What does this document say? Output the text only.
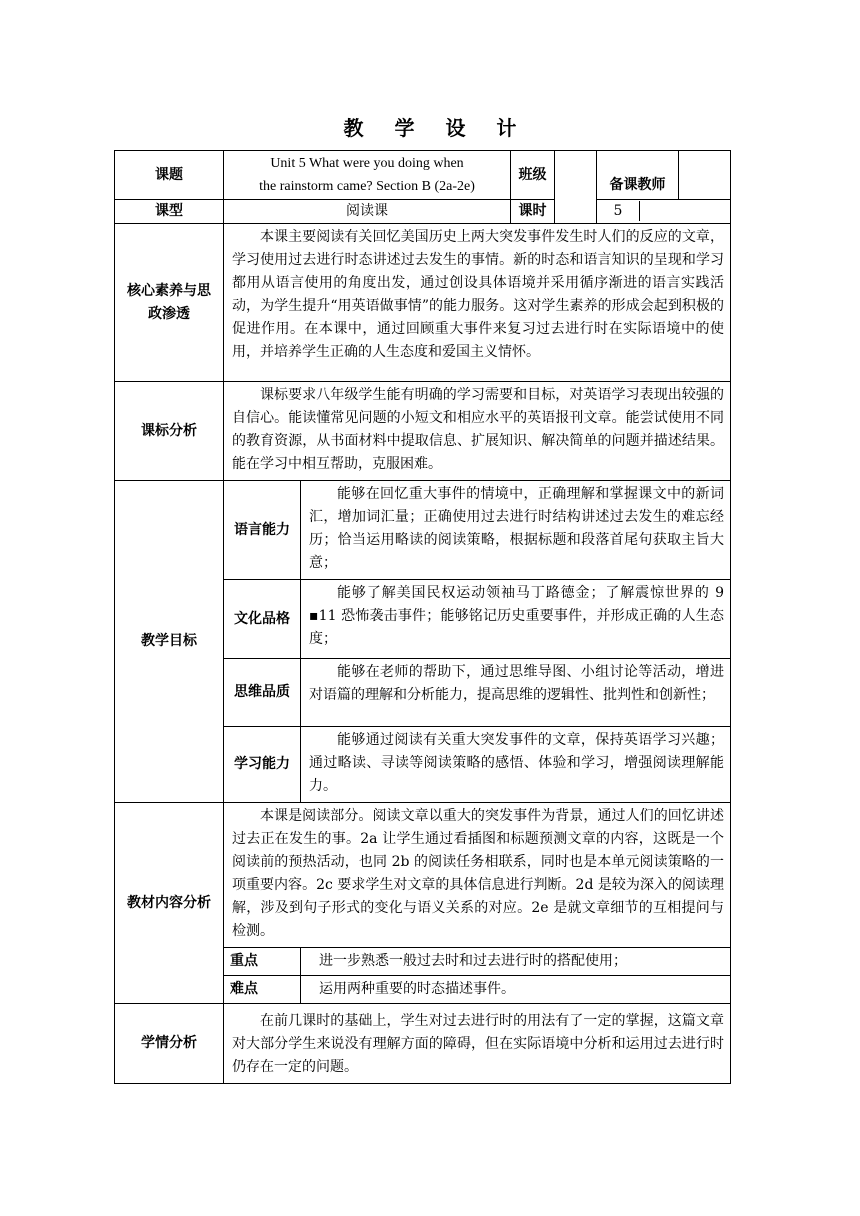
教 学 设 计
课题	Unit 5 What were you doing when
the rainstorm came? Section B (2a-2e)		班级		备课教师	
课型	阅读课		课时		5	

核心素养与思
政渗透	本课主要阅读有关回忆美国历史上两大突发事件发生时人们的反应的文章，学习使用过去进行时态讲述过去发生的事情。新的时态和语言知识的呈现和学习都用从语言使用的角度出发，通过创设具体语境并采用循序渐进的语言实践活动，为学生提升“用英语做事情”的能力服务。这对学生素养的形成会起到积极的促进作用。在本课中，通过回顾重大事件来复习过去进行时在实际语境中的使用，并培养学生正确的人生态度和爱国主义情怀。					
课标分析	课标要求八年级学生能有明确的学习需要和目标，对英语学习表现出较强的自信心。能读懂常见问题的小短文和相应水平的英语报刊文章。能尝试使用不同的教育资源，从书面材料中提取信息、扩展知识、解决简单的问题并描述结果。能在学习中相互帮助，克服困难。					
教学目标	语言能力	能够在回忆重大事件的情境中，正确理解和掌握课文中的新词汇，增加词汇量；正确使用过去进行时结构讲述过去发生的难忘经历；恰当运用略读的阅读策略，根据标题和段落首尾句获取主旨大意；				
	文化品格	能够了解美国民权运动领袖马丁路德金；了解震惊世界的 9 ▪11 恐怖袭击事件；能够铭记历史重要事件，并形成正确的人生态度；				
	思维品质	能够在老师的帮助下，通过思维导图、小组讨论等活动，增进对语篇的理解和分析能力，提高思维的逻辑性、批判性和创新性；				
	学习能力	能够通过阅读有关重大突发事件的文章，保持英语学习兴趣；通过略读、寻读等阅读策略的感悟、体验和学习，增强阅读理解能力。				
教材内容分析	本课是阅读部分。阅读文章以重大的突发事件为背景，通过人们的回忆讲述过去正在发生的事。2a 让学生通过看插图和标题预测文章的内容，这既是一个阅读前的预热活动，也同 2b 的阅读任务相联系，同时也是本单元阅读策略的一项重要内容。2c 要求学生对文章的具体信息进行判断。2d 是较为深入的阅读理解，涉及到句子形式的变化与语义关系的对应。2e 是就文章细节的互相提问与检测。					
	重点	进一步熟悉一般过去时和过去进行时的搭配使用；				
	难点	运用两种重要的时态描述事件。				
学情分析	在前几课时的基础上，学生对过去进行时的用法有了一定的掌握，这篇文章对大部分学生来说没有理解方面的障碍，但在实际语境中分析和运用过去进行时仍存在一定的问题。					
